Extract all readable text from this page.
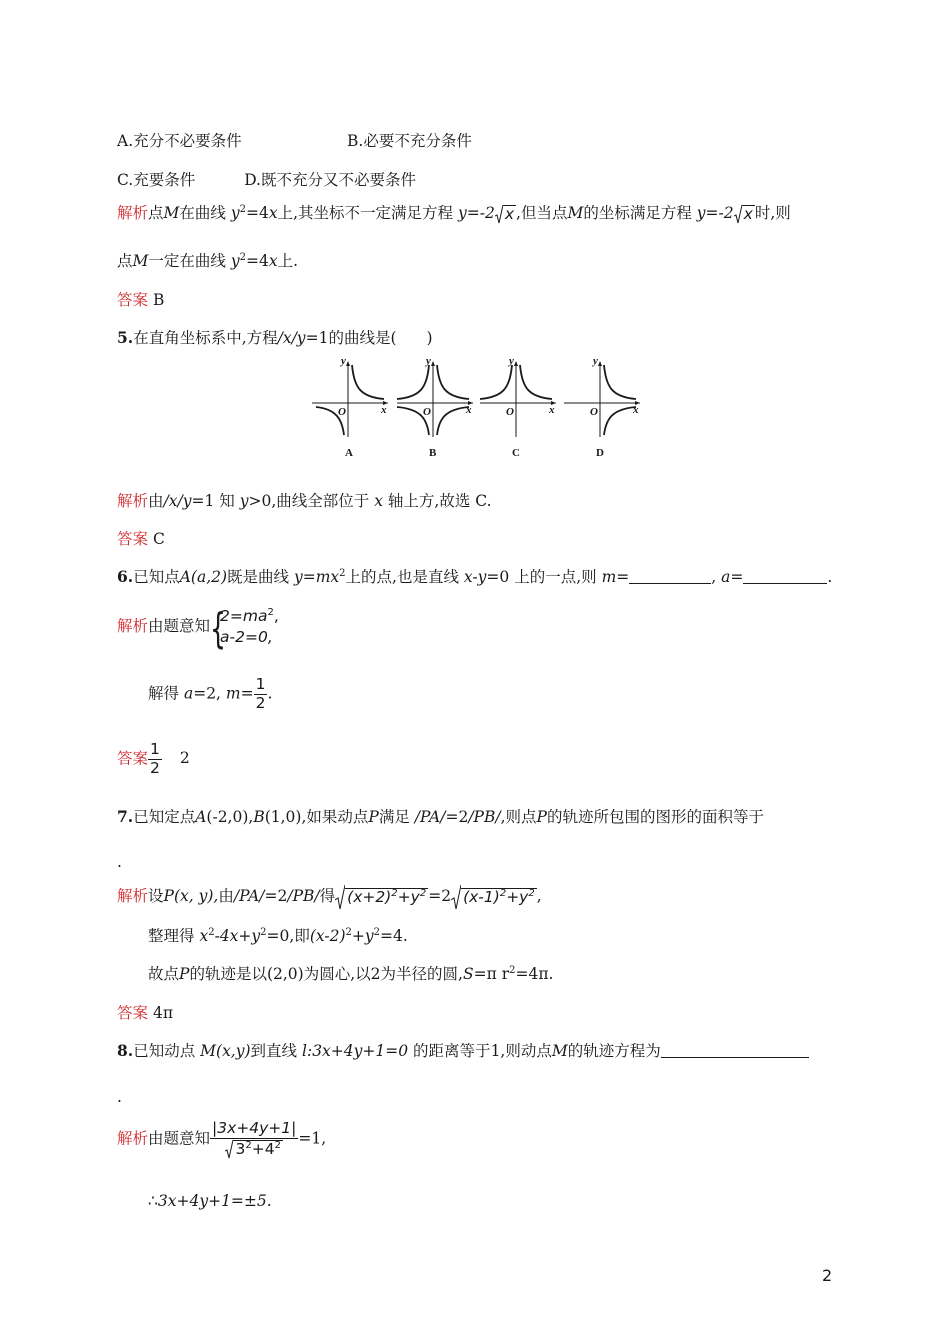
A.充分不必要条件	B.必要不充分条件
C.充要条件	D.既不充分又不必要条件
解析点M在曲线 $y^2=4x$上,其坐标不一定满足方程 y=-2 x ,但当点M的坐标满足方程 y=-2 x 时,则
点M一定在曲线 $y^2=4x$上.
答案 B
5.在直角坐标系中,方程/x/y=1的曲线是( )
y
x
O
A
y
x
O
B
y
x
O
C
y
x
O
D
解析由/x/y=1 知 y>0,曲线全部位于 x 轴上方,故选 C.
答案 C
6.已知点A(a,2)既是曲线 $y=mx^2$上的点,也是直线 x-y=0 上的一点,则 m=	, a=	.
解析由题意知 {
$2=ma^2$,
a-2=0,
解得 a=2, $m= \frac{1}{2}$ .
答案 $\frac{1}{2} 2$
7.已知定点A(-2,0),B(1,0),如果动点P满足 /PA/=2/PB/,则点P的轨迹所包围的图形的面积等于
.
解析设P(x, y),由/PA/=2/PB/得 $(x+2)^2+y^2 =2$ $(x-1)^2+y^2$ ,
整理得 $x^2-4x+y^2=0$,即$(x-2)^2+y^2=4$.
故点P的轨迹是以(2,0)为圆心,以2为半径的圆,S=π $r^2=4\pi$.
答案 4π
8.已知动点 M(x,y)到直线 l:3x+4y+1=0 的距离等于1,则动点M的轨迹方程为
.
解析由题意知 $\frac{|3x+4y+1|}{3^2+4^2} =1$,
∴3x+4y+1=±5.
2
